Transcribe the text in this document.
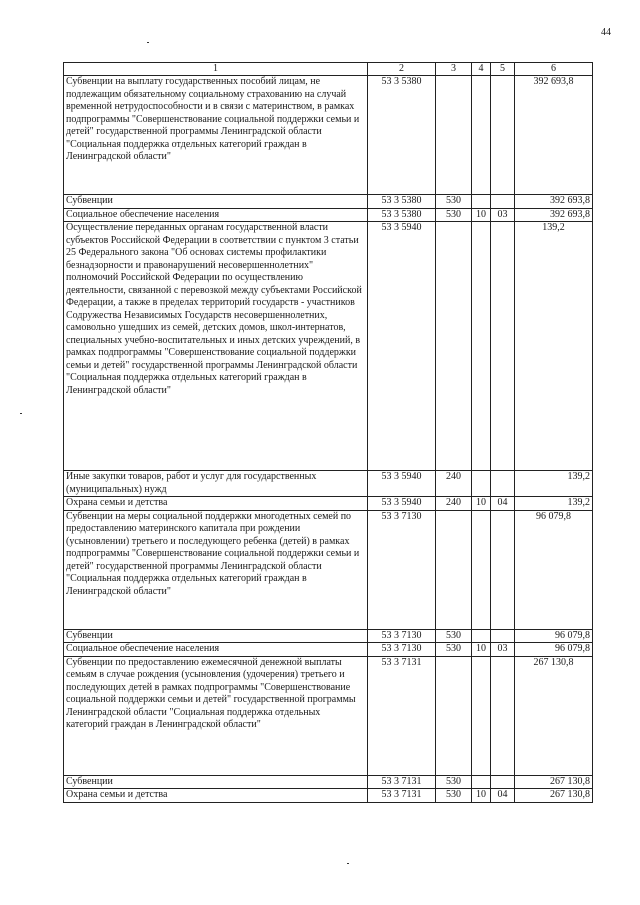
44
1	2	3	4	5	6
Субвенции на выплату государственных пособий лицам, не подлежащим обязательному социальному страхованию на случай временной нетрудоспособности и в связи с материнством, в рамках подпрограммы "Совершенствование социальной поддержки семьи и детей" государственной программы Ленинградской области "Социальная поддержка отдельных категорий граждан в Ленинградской области"	53 3 5380				392 693,8
Субвенции	53 3 5380	530			392 693,8
Социальное обеспечение населения	53 3 5380	530	10	03	392 693,8
Осуществление переданных органам государственной власти субъектов Российской Федерации в соответствии с пунктом 3 статьи 25 Федерального закона "Об основах системы профилактики безнадзорности и правонарушений несовершеннолетних" полномочий Российской Федерации по осуществлению деятельности, связанной с перевозкой между субъектами Российской Федерации, а также в пределах территорий государств - участников Содружества Независимых Государств несовершеннолетних, самовольно ушедших из семей, детских домов, школ-интернатов, специальных учебно-воспитательных и иных детских учреждений, в рамках подпрограммы "Совершенствование социальной поддержки семьи и детей" государственной программы Ленинградской области "Социальная поддержка отдельных категорий граждан в Ленинградской области"	53 3 5940				139,2
Иные закупки товаров, работ и услуг для государственных (муниципальных) нужд	53 3 5940	240			139,2
Охрана семьи и детства	53 3 5940	240	10	04	139,2
Субвенции на меры социальной поддержки многодетных семей по предоставлению материнского капитала при рождении (усыновлении) третьего и последующего ребенка (детей) в рамках подпрограммы "Совершенствование социальной поддержки семьи и детей" государственной программы Ленинградской области "Социальная поддержка отдельных категорий граждан в Ленинградской области"	53 3 7130				96 079,8
Субвенции	53 3 7130	530			96 079,8
Социальное обеспечение населения	53 3 7130	530	10	03	96 079,8
Субвенции по предоставлению ежемесячной денежной выплаты семьям в случае рождения (усыновления (удочерения) третьего и последующих детей в рамках подпрограммы "Совершенствование социальной поддержки семьи и детей" государственной программы Ленинградской области "Социальная поддержка отдельных категорий граждан в Ленинградской области"	53 3 7131				267 130,8
Субвенции	53 3 7131	530			267 130,8
Охрана семьи и детства	53 3 7131	530	10	04	267 130,8
